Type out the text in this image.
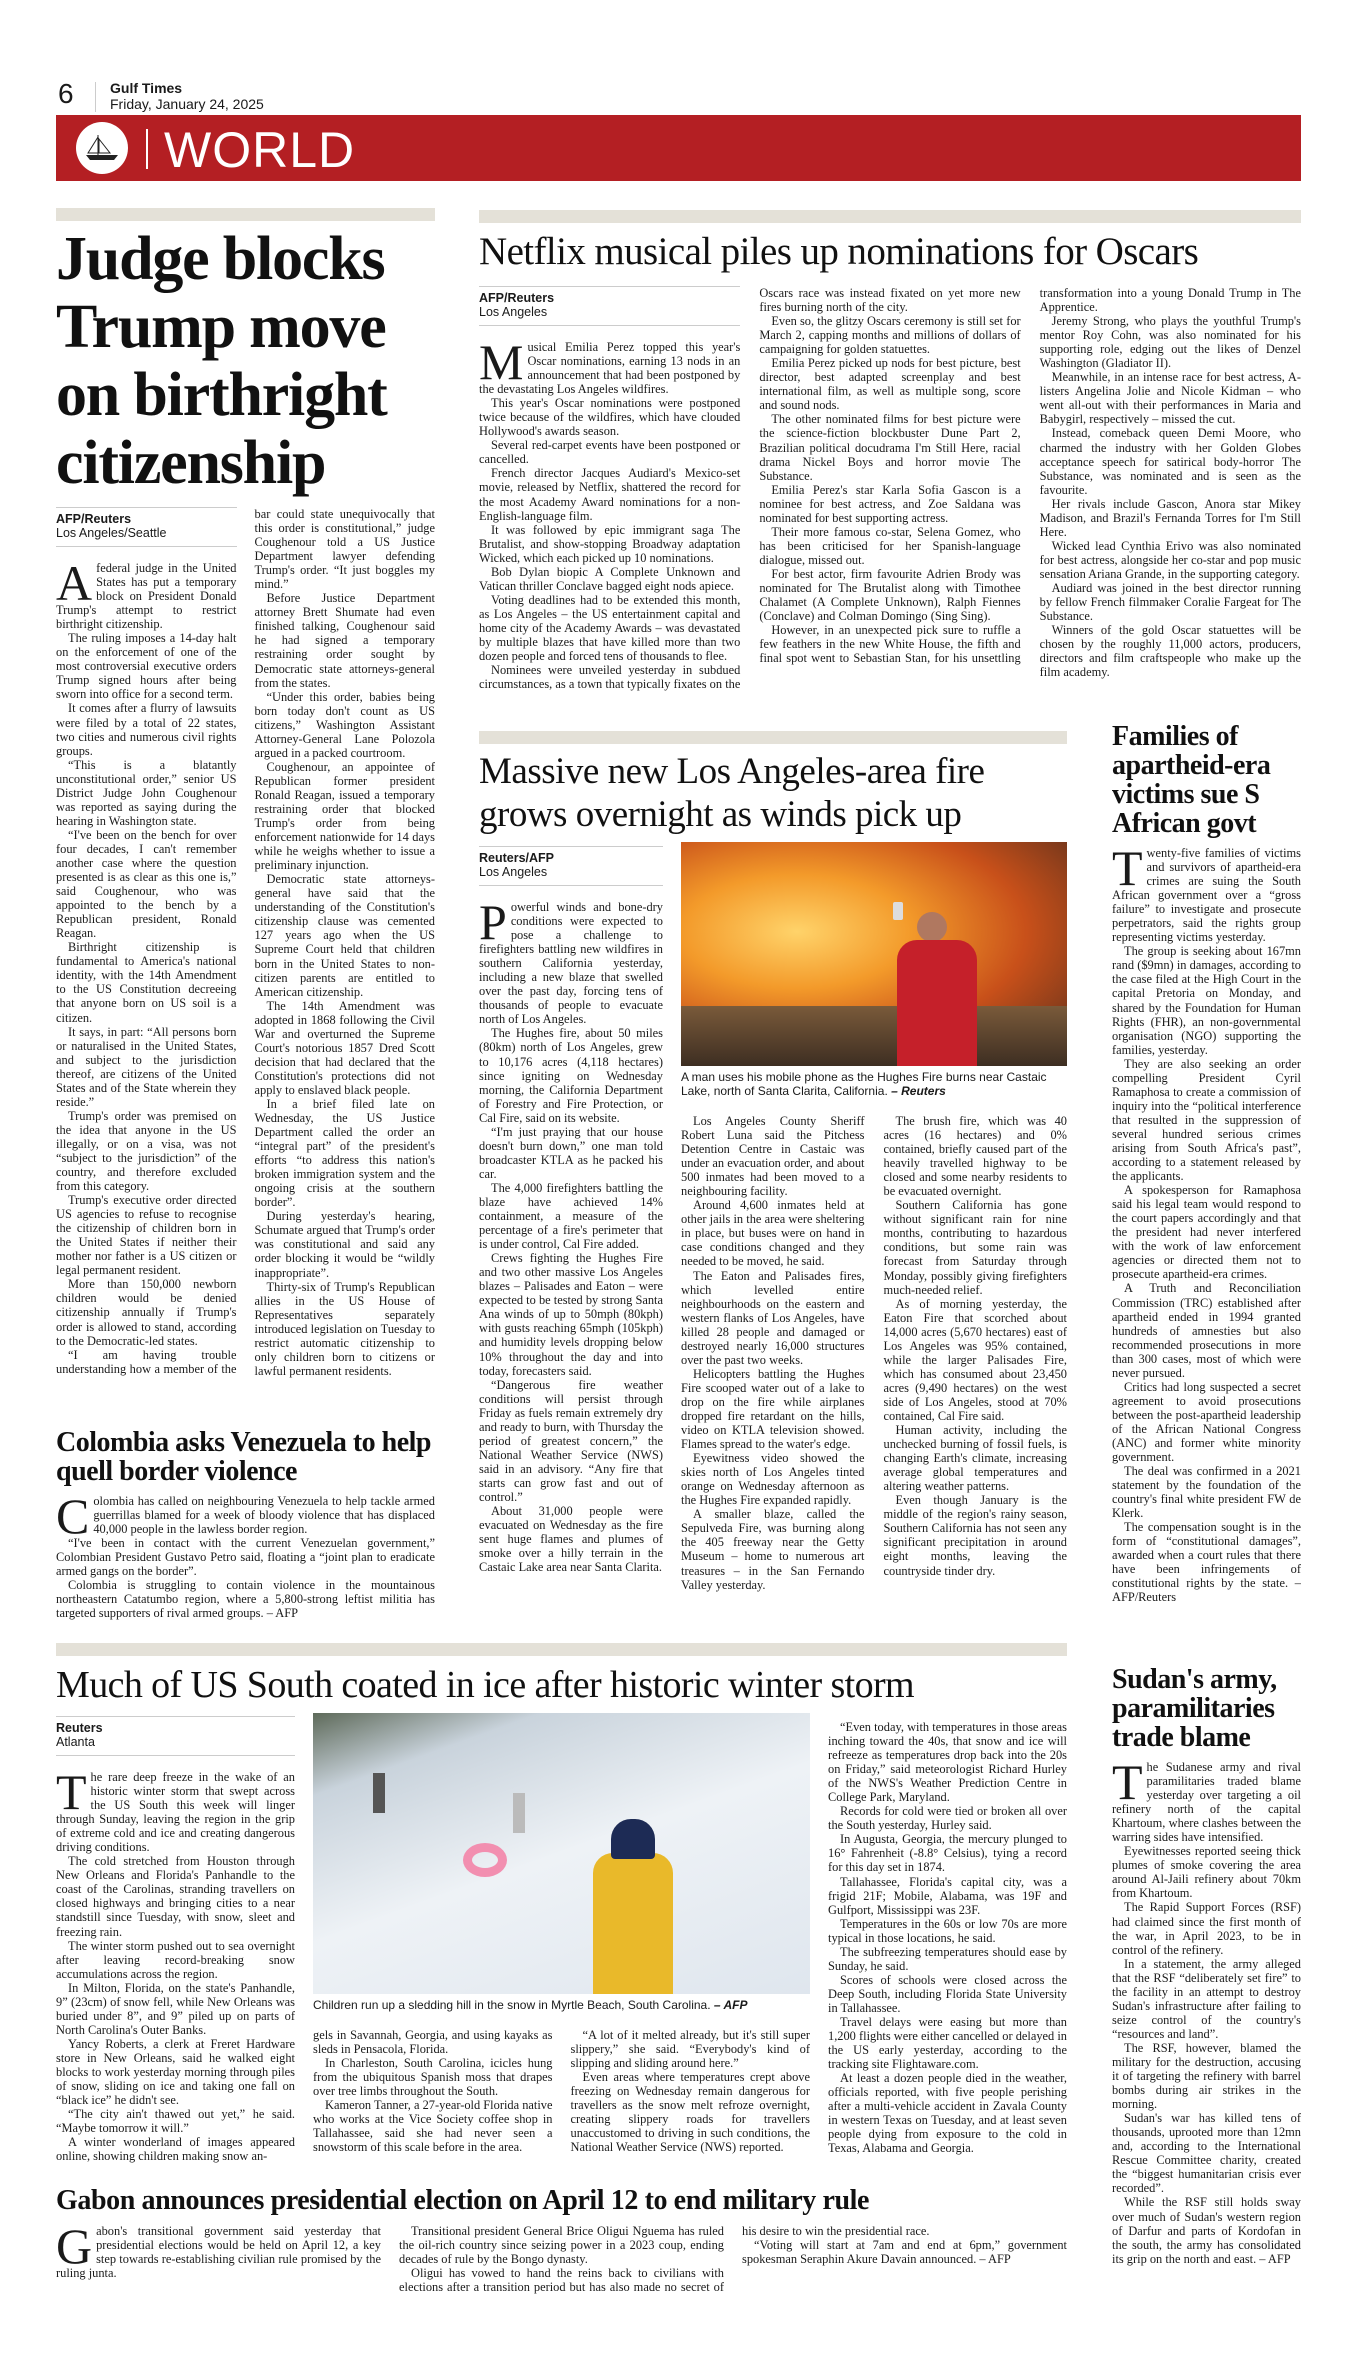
6	Gulf Times
Friday, January 24, 2025
WORLD
Judge blocks Trump move on birthright citizenship
AFP/Reuters
Los Angeles/Seattle

Afederal judge in the United States has put a temporary block on President Donald Trump's attempt to restrict birthright citizenship.

The ruling imposes a 14-day halt on the enforcement of one of the most controversial executive orders Trump signed hours after being sworn into office for a second term.

It comes after a flurry of lawsuits were filed by a total of 22 states, two cities and numerous civil rights groups.

“This is a blatantly unconstitutional order,” senior US District Judge John Coughenour was reported as saying during the hearing in Washington state.

“I've been on the bench for over four decades, I can't remember another case where the question presented is as clear as this one is,” said Coughenour, who was appointed to the bench by a Republican president, Ronald Reagan.

Birthright citizenship is fundamental to America's national identity, with the 14th Amendment to the US Constitution decreeing that anyone born on US soil is a citizen.

It says, in part: “All persons born or naturalised in the United States, and subject to the jurisdiction thereof, are citizens of the United States and of the State wherein they reside.”

Trump's order was premised on the idea that anyone in the US illegally, or on a visa, was not “subject to the jurisdiction” of the country, and therefore excluded from this category.

Trump's executive order directed US agencies to refuse to recognise the citizenship of children born in the United States if neither their mother nor father is a US citizen or legal permanent resident.

More than 150,000 newborn children would be denied citizenship annually if Trump's order is allowed to stand, according to the Democratic-led states.

“I am having trouble understanding how a member of the bar could state unequivocally that this order is constitutional,” judge Coughenour told a US Justice Department lawyer defending Trump's order. “It just boggles my mind.”

Before Justice Department attorney Brett Shumate had even finished talking, Coughenour said he had signed a temporary restraining order sought by Democratic state attorneys-general from the states.

“Under this order, babies being born today don't count as US citizens,” Washington Assistant Attorney-General Lane Polozola argued in a packed courtroom.

Coughenour, an appointee of Republican former president Ronald Reagan, issued a temporary restraining order that blocked Trump's order from being enforcement nationwide for 14 days while he weighs whether to issue a preliminary injunction.

Democratic state attorneys-general have said that the understanding of the Constitution's citizenship clause was cemented 127 years ago when the US Supreme Court held that children born in the United States to non-citizen parents are entitled to American citizenship.

The 14th Amendment was adopted in 1868 following the Civil War and overturned the Supreme Court's notorious 1857 Dred Scott decision that had declared that the Constitution's protections did not apply to enslaved black people.

In a brief filed late on Wednesday, the US Justice Department called the order an “integral part” of the president's efforts “to address this nation's broken immigration system and the ongoing crisis at the southern border”.

During yesterday's hearing, Schumate argued that Trump's order was constitutional and said any order blocking it would be “wildly inappropriate”.

Thirty-six of Trump's Republican allies in the US House of Representatives separately introduced legislation on Tuesday to restrict automatic citizenship to only children born to citizens or lawful permanent residents.

Netflix musical piles up nominations for Oscars
AFP/Reuters
Los Angeles

Musical Emilia Perez topped this year's Oscar nominations, earning 13 nods in an announcement that had been postponed by the devastating Los Angeles wildfires.

This year's Oscar nominations were postponed twice because of the wildfires, which have clouded Hollywood's awards season.

Several red-carpet events have been postponed or cancelled.

French director Jacques Audiard's Mexico-set movie, released by Netflix, shattered the record for the most Academy Award nominations for a non-English-language film.

It was followed by epic immigrant saga The Brutalist, and show-stopping Broadway adaptation Wicked, which each picked up 10 nominations.

Bob Dylan biopic A Complete Unknown and Vatican thriller Conclave bagged eight nods apiece.

Voting deadlines had to be extended this month, as Los Angeles – the US entertainment capital and home city of the Academy Awards – was devastated by multiple blazes that have killed more than two dozen people and forced tens of thousands to flee.

Nominees were unveiled yesterday in subdued circumstances, as a town that typically fixates on the Oscars race was instead fixated on yet more new fires burning north of the city.

Even so, the glitzy Oscars ceremony is still set for March 2, capping months and millions of dollars of campaigning for golden statuettes.

Emilia Perez picked up nods for best picture, best director, best adapted screenplay and best international film, as well as multiple song, score and sound nods.

The other nominated films for best picture were the science-fiction blockbuster Dune Part 2, Brazilian political docudrama I'm Still Here, racial drama Nickel Boys and horror movie The Substance.

Emilia Perez's star Karla Sofia Gascon is a nominee for best actress, and Zoe Saldana was nominated for best supporting actress.

Their more famous co-star, Selena Gomez, who has been criticised for her Spanish-language dialogue, missed out.

For best actor, firm favourite Adrien Brody was nominated for The Brutalist along with Timothee Chalamet (A Complete Unknown), Ralph Fiennes (Conclave) and Colman Domingo (Sing Sing).

However, in an unexpected pick sure to ruffle a few feathers in the new White House, the fifth and final spot went to Sebastian Stan, for his unsettling transformation into a young Donald Trump in The Apprentice.

Jeremy Strong, who plays the youthful Trump's mentor Roy Cohn, was also nominated for his supporting role, edging out the likes of Denzel Washington (Gladiator II).

Meanwhile, in an intense race for best actress, A-listers Angelina Jolie and Nicole Kidman – who went all-out with their performances in Maria and Babygirl, respectively – missed the cut.

Instead, comeback queen Demi Moore, who charmed the industry with her Golden Globes acceptance speech for satirical body-horror The Substance, was nominated and is seen as the favourite.

Her rivals include Gascon, Anora star Mikey Madison, and Brazil's Fernanda Torres for I'm Still Here.

Wicked lead Cynthia Erivo was also nominated for best actress, alongside her co-star and pop music sensation Ariana Grande, in the supporting category.

Audiard was joined in the best director running by fellow French filmmaker Coralie Fargeat for The Substance.

Winners of the gold Oscar statuettes will be chosen by the roughly 11,000 actors, producers, directors and film craftspeople who make up the film academy.

Massive new Los Angeles-area fire
grows overnight as winds pick up
Reuters/AFP
Los Angeles

Powerful winds and bone-dry conditions were expected to pose a challenge to firefighters battling new wildfires in southern California yesterday, including a new blaze that swelled over the past day, forcing tens of thousands of people to evacuate north of Los Angeles.

The Hughes fire, about 50 miles (80km) north of Los Angeles, grew to 10,176 acres (4,118 hectares) since igniting on Wednesday morning, the California Department of Forestry and Fire Protection, or Cal Fire, said on its website.

“I'm just praying that our house doesn't burn down,” one man told broadcaster KTLA as he packed his car.

The 4,000 firefighters battling the blaze have achieved 14% containment, a measure of the percentage of a fire's perimeter that is under control, Cal Fire added.

Crews fighting the Hughes Fire and two other massive Los Angeles blazes – Palisades and Eaton – were expected to be tested by strong Santa Ana winds of up to 50mph (80kph) with gusts reaching 65mph (105kph) and humidity levels dropping below 10% throughout the day and into today, forecasters said.

“Dangerous fire weather conditions will persist through Friday as fuels remain extremely dry and ready to burn, with Thursday the period of greatest concern,” the National Weather Service (NWS) said in an advisory. “Any fire that starts can grow fast and out of control.”

About 31,000 people were evacuated on Wednesday as the fire sent huge flames and plumes of smoke over a hilly terrain in the Castaic Lake area near Santa Clarita.

A man uses his mobile phone as the Hughes Fire burns near Castaic Lake, north of Santa Clarita, California. – Reuters

Los Angeles County Sheriff Robert Luna said the Pitchess Detention Centre in Castaic was under an evacuation order, and about 500 inmates had been moved to a neighbouring facility.

Around 4,600 inmates held at other jails in the area were sheltering in place, but buses were on hand in case conditions changed and they needed to be moved, he said.

The Eaton and Palisades fires, which levelled entire neighbourhoods on the eastern and western flanks of Los Angeles, have killed 28 people and damaged or destroyed nearly 16,000 structures over the past two weeks.

Helicopters battling the Hughes Fire scooped water out of a lake to drop on the fire while airplanes dropped fire retardant on the hills, video on KTLA television showed. Flames spread to the water's edge.

Eyewitness video showed the skies north of Los Angeles tinted orange on Wednesday afternoon as the Hughes Fire expanded rapidly.

A smaller blaze, called the Sepulveda Fire, was burning along the 405 freeway near the Getty Museum – home to numerous art treasures – in the San Fernando Valley yesterday.

The brush fire, which was 40 acres (16 hectares) and 0% contained, briefly caused part of the heavily travelled highway to be closed and some nearby residents to be evacuated overnight.

Southern California has gone without significant rain for nine months, contributing to hazardous conditions, but some rain was forecast from Saturday through Monday, possibly giving firefighters much-needed relief.

As of morning yesterday, the Eaton Fire that scorched about 14,000 acres (5,670 hectares) east of Los Angeles was 95% contained, while the larger Palisades Fire, which has consumed about 23,450 acres (9,490 hectares) on the west side of Los Angeles, stood at 70% contained, Cal Fire said.

Human activity, including the unchecked burning of fossil fuels, is changing Earth's climate, increasing average global temperatures and altering weather patterns.

Even though January is the middle of the region's rainy season, Southern California has not seen any significant precipitation in around eight months, leaving the countryside tinder dry.

Families of apartheid-era victims sue S African govt

Twenty-five families of victims and survivors of apartheid-era crimes are suing the South African government over a “gross failure” to investigate and prosecute perpetrators, said the rights group representing victims yesterday.

The group is seeking about 167mn rand ($9mn) in damages, according to the case filed at the High Court in the capital Pretoria on Monday, and shared by the Foundation for Human Rights (FHR), an non-governmental organisation (NGO) supporting the families, yesterday.

They are also seeking an order compelling President Cyril Ramaphosa to create a commission of inquiry into the “political interference that resulted in the suppression of several hundred serious crimes arising from South Africa's past”, according to a statement released by the applicants.

A spokesperson for Ramaphosa said his legal team would respond to the court papers accordingly and that the president had never interfered with the work of law enforcement agencies or directed them not to prosecute apartheid-era crimes.

A Truth and Reconciliation Commission (TRC) established after apartheid ended in 1994 granted hundreds of amnesties but also recommended prosecutions in more than 300 cases, most of which were never pursued.

Critics had long suspected a secret agreement to avoid prosecutions between the post-apartheid leadership of the African National Congress (ANC) and former white minority government.

The deal was confirmed in a 2021 statement by the foundation of the country's final white president FW de Klerk.

The compensation sought is in the form of “constitutional damages”, awarded when a court rules that there have been infringements of constitutional rights by the state. – AFP/Reuters

Colombia asks Venezuela to help quell border violence

Colombia has called on neighbouring Venezuela to help tackle armed guerrillas blamed for a week of bloody violence that has displaced 40,000 people in the lawless border region.

“I've been in contact with the current Venezuelan government,” Colombian President Gustavo Petro said, floating a “joint plan to eradicate armed gangs on the border”.

Colombia is struggling to contain violence in the mountainous northeastern Catatumbo region, where a 5,800-strong leftist militia has targeted supporters of rival armed groups. – AFP

Much of US South coated in ice after historic winter storm
Reuters
Atlanta

The rare deep freeze in the wake of an historic winter storm that swept across the US South this week will linger through Sunday, leaving the region in the grip of extreme cold and ice and creating dangerous driving conditions.

The cold stretched from Houston through New Orleans and Florida's Panhandle to the coast of the Carolinas, stranding travellers on closed highways and bringing cities to a near standstill since Tuesday, with snow, sleet and freezing rain.

The winter storm pushed out to sea overnight after leaving record-breaking snow accumulations across the region.

In Milton, Florida, on the state's Panhandle, 9” (23cm) of snow fell, while New Orleans was buried under 8”, and 9” piled up on parts of North Carolina's Outer Banks.

Yancy Roberts, a clerk at Freret Hardware store in New Orleans, said he walked eight blocks to work yesterday morning through piles of snow, sliding on ice and taking one fall on “black ice” he didn't see.

“The city ain't thawed out yet,” he said. “Maybe tomorrow it will.”

A winter wonderland of images appeared online, showing children making snow an-

Children run up a sledding hill in the snow in Myrtle Beach, South Carolina. – AFP

gels in Savannah, Georgia, and using kayaks as sleds in Pensacola, Florida.

In Charleston, South Carolina, icicles hung from the ubiquitous Spanish moss that drapes over tree limbs throughout the South.

Kameron Tanner, a 27-year-old Florida native who works at the Vice Society coffee shop in Tallahassee, said she had never seen a snowstorm of this scale before in the area.

“A lot of it melted already, but it's still super slippery,” she said. “Everybody's kind of slipping and sliding around here.”

Even areas where temperatures crept above freezing on Wednesday remain dangerous for travellers as the snow melt refroze overnight, creating slippery roads for travellers unaccustomed to driving in such conditions, the National Weather Service (NWS) reported.

“Even today, with temperatures in those areas inching toward the 40s, that snow and ice will refreeze as temperatures drop back into the 20s on Friday,” said meteorologist Richard Hurley of the NWS's Weather Prediction Centre in College Park, Maryland.

Records for cold were tied or broken all over the South yesterday, Hurley said.

In Augusta, Georgia, the mercury plunged to 16° Fahrenheit (-8.8° Celsius), tying a record for this day set in 1874.

Tallahassee, Florida's capital city, was a frigid 21F; Mobile, Alabama, was 19F and Gulfport, Mississippi was 23F.

Temperatures in the 60s or low 70s are more typical in those locations, he said.

The subfreezing temperatures should ease by Sunday, he said.

Scores of schools were closed across the Deep South, including Florida State University in Tallahassee.

Travel delays were easing but more than 1,200 flights were either cancelled or delayed in the US early yesterday, according to the tracking site Flightaware.com.

At least a dozen people died in the weather, officials reported, with five people perishing after a multi-vehicle accident in Zavala County in western Texas on Tuesday, and at least seven people dying from exposure to the cold in Texas, Alabama and Georgia.

Sudan's army, paramilitaries trade blame

The Sudanese army and rival paramilitaries traded blame yesterday over targeting a oil refinery north of the capital Khartoum, where clashes between the warring sides have intensified.

Eyewitnesses reported seeing thick plumes of smoke covering the area around Al-Jaili refinery about 70km from Khartoum.

The Rapid Support Forces (RSF) had claimed since the first month of the war, in April 2023, to be in control of the refinery.

In a statement, the army alleged that the RSF “deliberately set fire” to the facility in an attempt to destroy Sudan's infrastructure after failing to seize control of the country's “resources and land”.

The RSF, however, blamed the military for the destruction, accusing it of targeting the refinery with barrel bombs during air strikes in the morning.

Sudan's war has killed tens of thousands, uprooted more than 12mn and, according to the International Rescue Committee charity, created the “biggest humanitarian crisis ever recorded”.

While the RSF still holds sway over much of Sudan's western region of Darfur and parts of Kordofan in the south, the army has consolidated its grip on the north and east. – AFP

Gabon announces presidential election on April 12 to end military rule

Gabon's transitional government said yesterday that presidential elections would be held on April 12, a key step towards re-establishing civilian rule promised by the ruling junta.

Transitional president General Brice Oligui Nguema has ruled the oil-rich country since seizing power in a 2023 coup, ending decades of rule by the Bongo dynasty.

Oligui has vowed to hand the reins back to civilians with elections after a transition period but has also made no secret of his desire to win the presidential race.

“Voting will start at 7am and end at 6pm,” government spokesman Seraphin Akure Davain announced. – AFP
